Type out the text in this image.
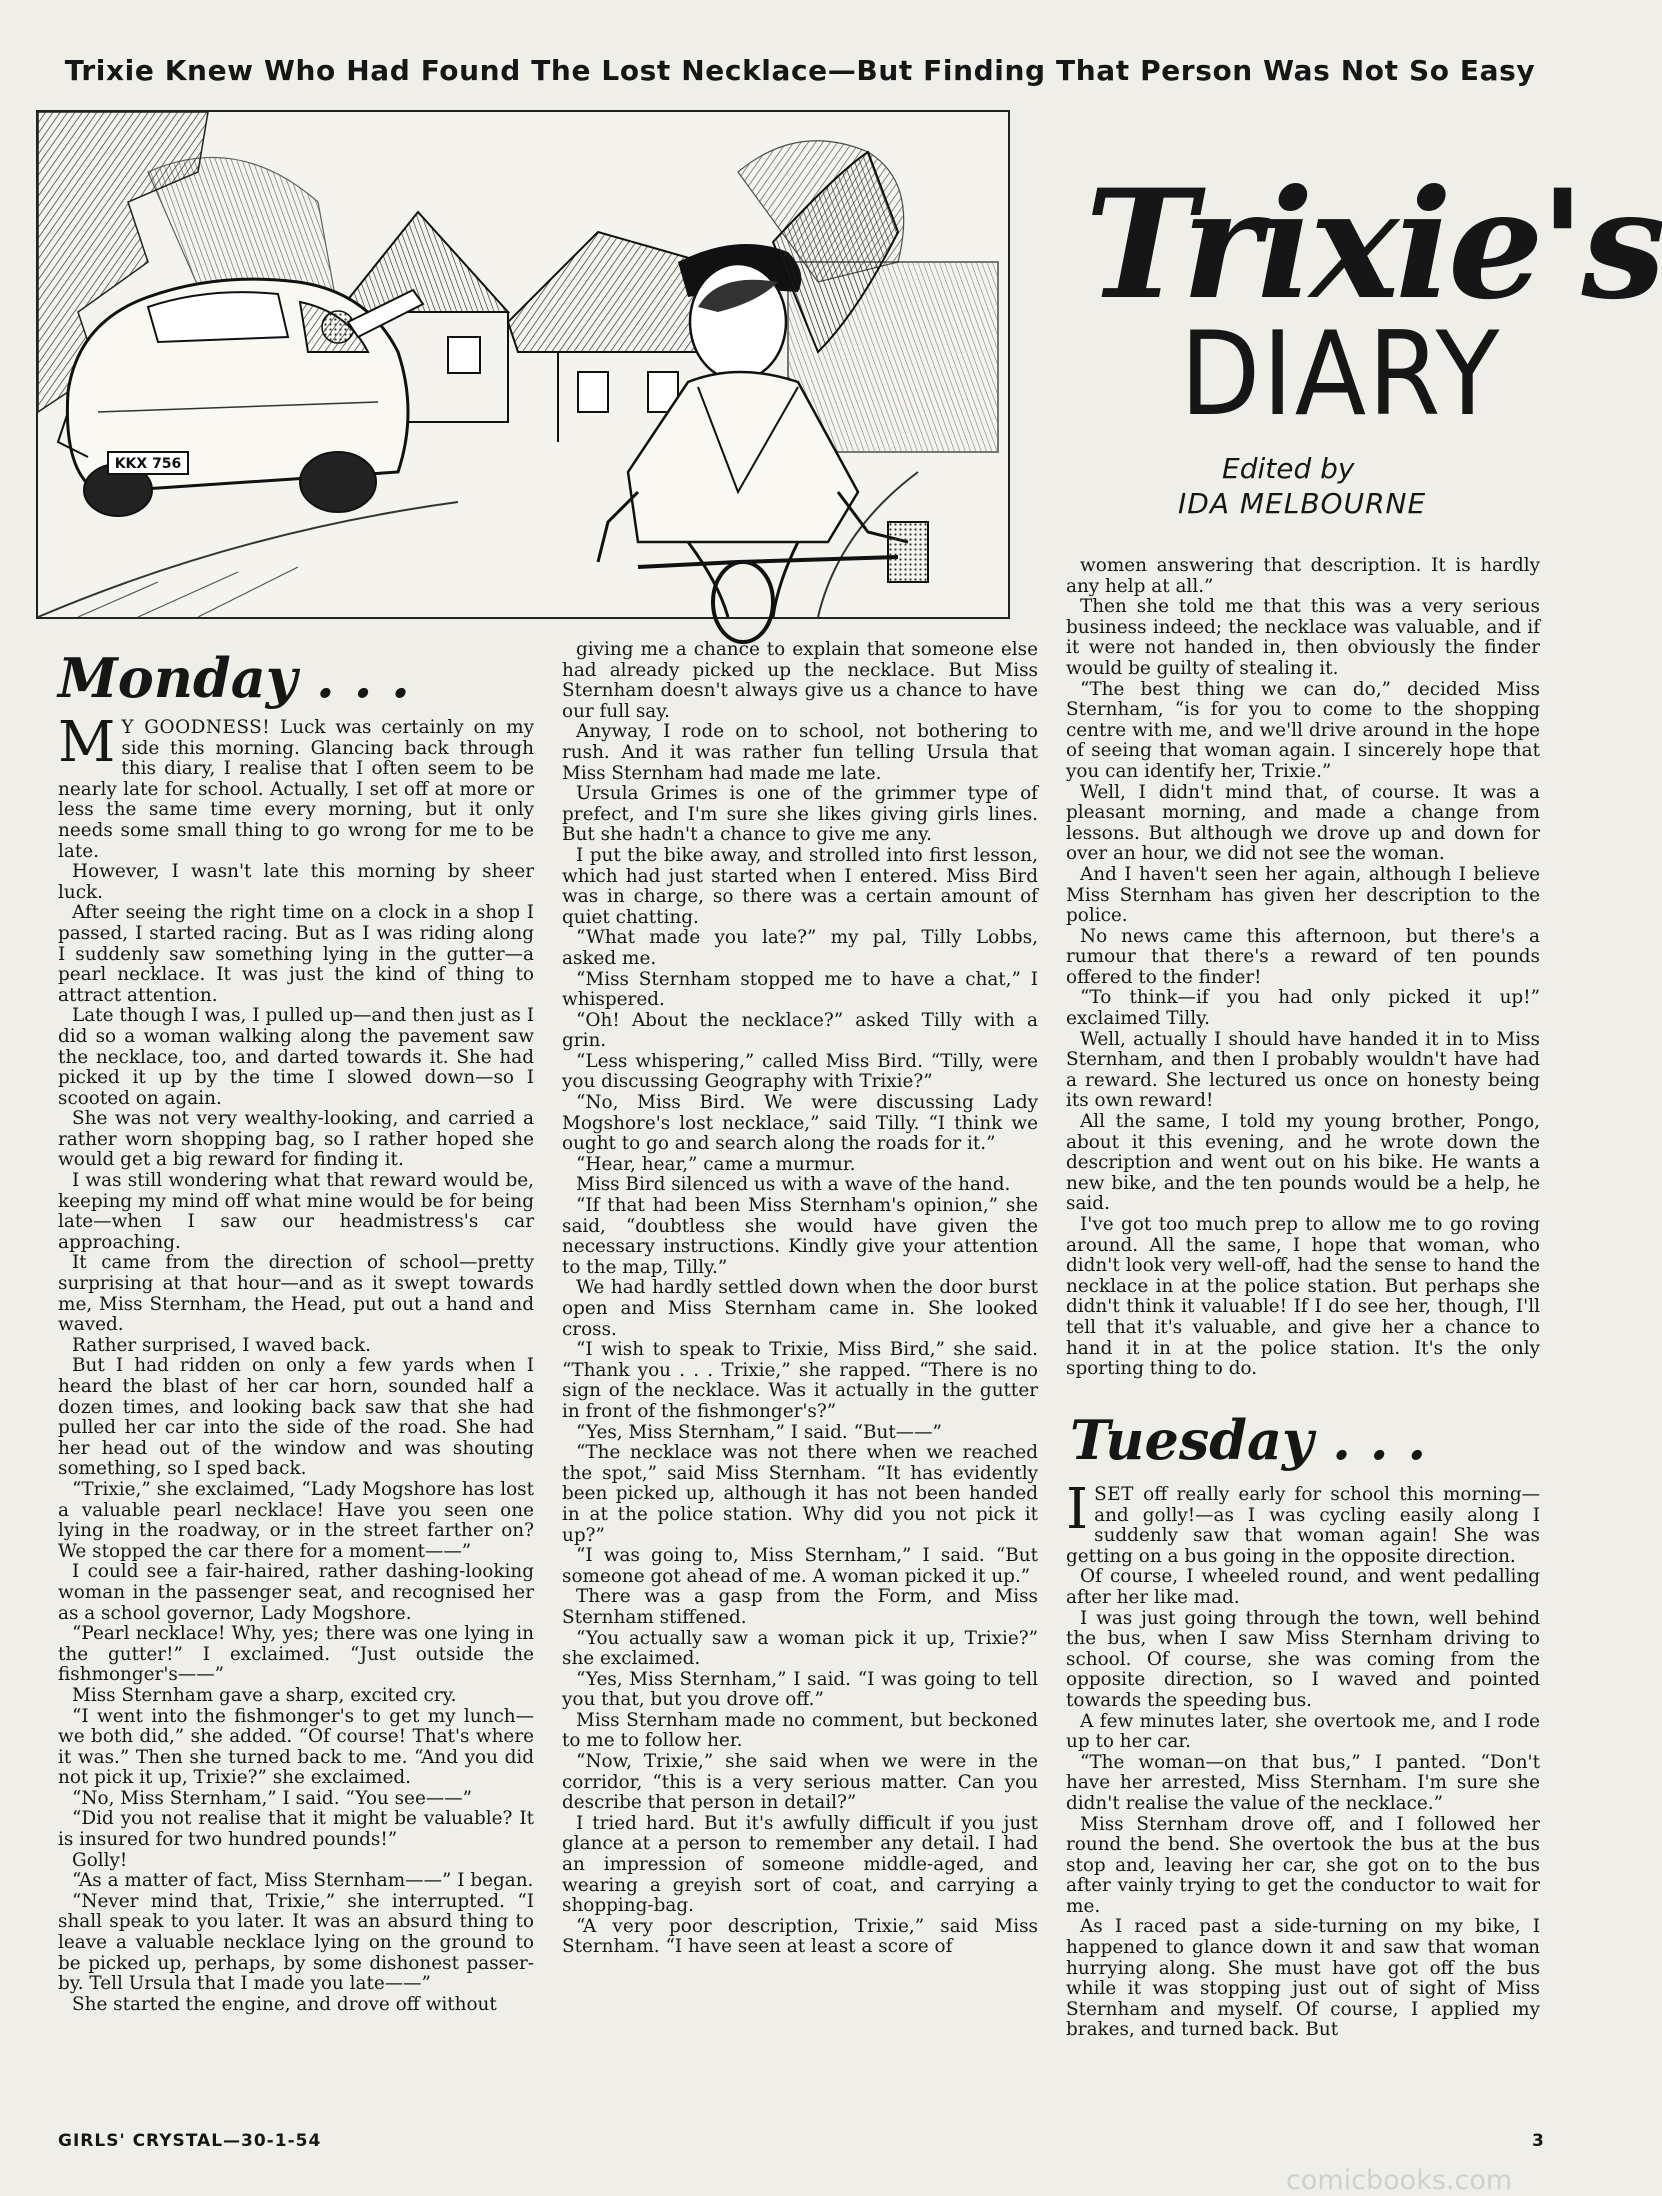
Trixie Knew Who Had Found The Lost Necklace—But Finding That Person Was Not So Easy
KKX 756
Trixie's
DIARY
Edited by
IDA MELBOURNE
Monday . . .

M Y GOODNESS! Luck was certainly on my side this morning. Glancing back through this diary, I realise that I often seem to be nearly late for school. Actually, I set off at more or less the same time every morning, but it only needs some small thing to go wrong for me to be late.

However, I wasn't late this morning by sheer luck.

After seeing the right time on a clock in a shop I passed, I started racing. But as I was riding along I suddenly saw something lying in the gutter—a pearl necklace. It was just the kind of thing to attract attention.

Late though I was, I pulled up—and then just as I did so a woman walking along the pavement saw the necklace, too, and darted towards it. She had picked it up by the time I slowed down—so I scooted on again.

She was not very wealthy-looking, and carried a rather worn shopping bag, so I rather hoped she would get a big reward for finding it.

I was still wondering what that reward would be, keeping my mind off what mine would be for being late—when I saw our headmistress's car approaching.

It came from the direction of school—pretty surprising at that hour—and as it swept towards me, Miss Sternham, the Head, put out a hand and waved.

Rather surprised, I waved back.

But I had ridden on only a few yards when I heard the blast of her car horn, sounded half a dozen times, and looking back saw that she had pulled her car into the side of the road. She had her head out of the window and was shouting something, so I sped back.

“Trixie,” she exclaimed, “Lady Mogshore has lost a valuable pearl necklace! Have you seen one lying in the roadway, or in the street farther on? We stopped the car there for a moment——”

I could see a fair-haired, rather dashing-looking woman in the passenger seat, and recognised her as a school governor, Lady Mogshore.

“Pearl necklace! Why, yes; there was one lying in the gutter!” I exclaimed. “Just outside the fishmonger's——”

Miss Sternham gave a sharp, excited cry.

“I went into the fishmonger's to get my lunch—we both did,” she added. “Of course! That's where it was.” Then she turned back to me. “And you did not pick it up, Trixie?” she exclaimed.

“No, Miss Sternham,” I said. “You see——”

“Did you not realise that it might be valuable? It is insured for two hundred pounds!”

Golly!

“As a matter of fact, Miss Sternham——” I began.

“Never mind that, Trixie,” she interrupted. “I shall speak to you later. It was an absurd thing to leave a valuable necklace lying on the ground to be picked up, perhaps, by some dishonest passer-by. Tell Ursula that I made you late——”

She started the engine, and drove off without

giving me a chance to explain that someone else had already picked up the necklace. But Miss Sternham doesn't always give us a chance to have our full say.

Anyway, I rode on to school, not bothering to rush. And it was rather fun telling Ursula that Miss Sternham had made me late.

Ursula Grimes is one of the grimmer type of prefect, and I'm sure she likes giving girls lines. But she hadn't a chance to give me any.

I put the bike away, and strolled into first lesson, which had just started when I entered. Miss Bird was in charge, so there was a certain amount of quiet chatting.

“What made you late?” my pal, Tilly Lobbs, asked me.

“Miss Sternham stopped me to have a chat,” I whispered.

“Oh! About the necklace?” asked Tilly with a grin.

“Less whispering,” called Miss Bird. “Tilly, were you discussing Geography with Trixie?”

“No, Miss Bird. We were discussing Lady Mogshore's lost necklace,” said Tilly. “I think we ought to go and search along the roads for it.”

“Hear, hear,” came a murmur.

Miss Bird silenced us with a wave of the hand.

“If that had been Miss Sternham's opinion,” she said, “doubtless she would have given the necessary instructions. Kindly give your attention to the map, Tilly.”

We had hardly settled down when the door burst open and Miss Sternham came in. She looked cross.

“I wish to speak to Trixie, Miss Bird,” she said. “Thank you . . . Trixie,” she rapped. “There is no sign of the necklace. Was it actually in the gutter in front of the fishmonger's?”

“Yes, Miss Sternham,” I said. “But——”

“The necklace was not there when we reached the spot,” said Miss Sternham. “It has evidently been picked up, although it has not been handed in at the police station. Why did you not pick it up?”

“I was going to, Miss Sternham,” I said. “But someone got ahead of me. A woman picked it up.”

There was a gasp from the Form, and Miss Sternham stiffened.

“You actually saw a woman pick it up, Trixie?” she exclaimed.

“Yes, Miss Sternham,” I said. “I was going to tell you that, but you drove off.”

Miss Sternham made no comment, but beckoned to me to follow her.

“Now, Trixie,” she said when we were in the corridor, “this is a very serious matter. Can you describe that person in detail?”

I tried hard. But it's awfully difficult if you just glance at a person to remember any detail. I had an impression of someone middle-aged, and wearing a greyish sort of coat, and carrying a shopping-bag.

“A very poor description, Trixie,” said Miss Sternham. “I have seen at least a score of

women answering that description. It is hardly any help at all.”

Then she told me that this was a very serious business indeed; the necklace was valuable, and if it were not handed in, then obviously the finder would be guilty of stealing it.

“The best thing we can do,” decided Miss Sternham, “is for you to come to the shopping centre with me, and we'll drive around in the hope of seeing that woman again. I sincerely hope that you can identify her, Trixie.”

Well, I didn't mind that, of course. It was a pleasant morning, and made a change from lessons. But although we drove up and down for over an hour, we did not see the woman.

And I haven't seen her again, although I believe Miss Sternham has given her description to the police.

No news came this afternoon, but there's a rumour that there's a reward of ten pounds offered to the finder!

“To think—if you had only picked it up!” exclaimed Tilly.

Well, actually I should have handed it in to Miss Sternham, and then I probably wouldn't have had a reward. She lectured us once on honesty being its own reward!

All the same, I told my young brother, Pongo, about it this evening, and he wrote down the description and went out on his bike. He wants a new bike, and the ten pounds would be a help, he said.

I've got too much prep to allow me to go roving around. All the same, I hope that woman, who didn't look very well-off, had the sense to hand the necklace in at the police station. But perhaps she didn't think it valuable! If I do see her, though, I'll tell that it's valuable, and give her a chance to hand it in at the police station. It's the only sporting thing to do.

Tuesday . . .

I SET off really early for school this morning—and golly!—as I was cycling easily along I suddenly saw that woman again! She was getting on a bus going in the opposite direction.

Of course, I wheeled round, and went pedalling after her like mad.

I was just going through the town, well behind the bus, when I saw Miss Sternham driving to school. Of course, she was coming from the opposite direction, so I waved and pointed towards the speeding bus.

A few minutes later, she overtook me, and I rode up to her car.

“The woman—on that bus,” I panted. “Don't have her arrested, Miss Sternham. I'm sure she didn't realise the value of the necklace.”

Miss Sternham drove off, and I followed her round the bend. She overtook the bus at the bus stop and, leaving her car, she got on to the bus after vainly trying to get the conductor to wait for me.

As I raced past a side-turning on my bike, I happened to glance down it and saw that woman hurrying along. She must have got off the bus while it was stopping just out of sight of Miss Sternham and myself. Of course, I applied my brakes, and turned back. But

GIRLS' CRYSTAL—30-1-54	3
comicbooks.com
